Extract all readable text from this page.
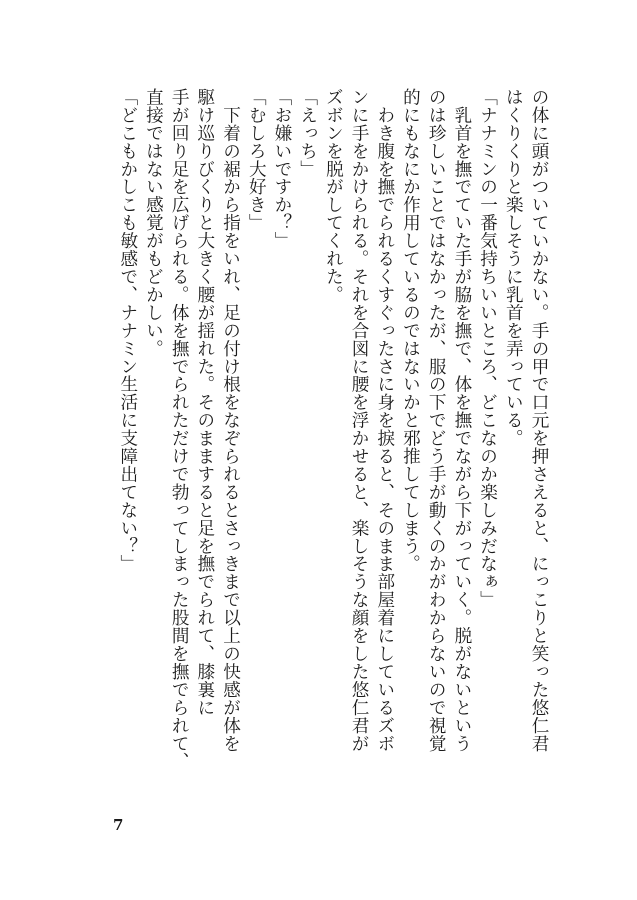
の体に頭がついていかない。手の甲で口元を押さえると、にっこりと笑った悠仁君
はくりくりと楽しそうに乳首を弄っている。
「ナナミンの一番気持ちいいところ、どこなのか楽しみだなぁ」
　乳首を撫でていた手が脇を撫で、体を撫でながら下がっていく。脱がないという
のは珍しいことではなかったが、服の下でどう手が動くのかがわからないので視覚
的にもなにか作用しているのではないかと邪推してしまう。
　わき腹を撫でられるくすぐったさに身を捩ると、そのまま部屋着にしているズボ
ンに手をかけられる。それを合図に腰を浮かせると、楽しそうな顔をした悠仁君が
ズボンを脱がしてくれた。
「えっち」
「お嫌いですか？」
「むしろ大好き」
　下着の裾から指をいれ、足の付け根をなぞられるとさっきまで以上の快感が体を
駆け巡りびくりと大きく腰が揺れた。そのまますると足を撫でられて、膝裏に
手が回り足を広げられる。体を撫でられただけで勃ってしまった股間を撫でられて、
直接ではない感覚がもどかしい。
「どこもかしこも敏感で、ナナミン生活に支障出てない？」
7
